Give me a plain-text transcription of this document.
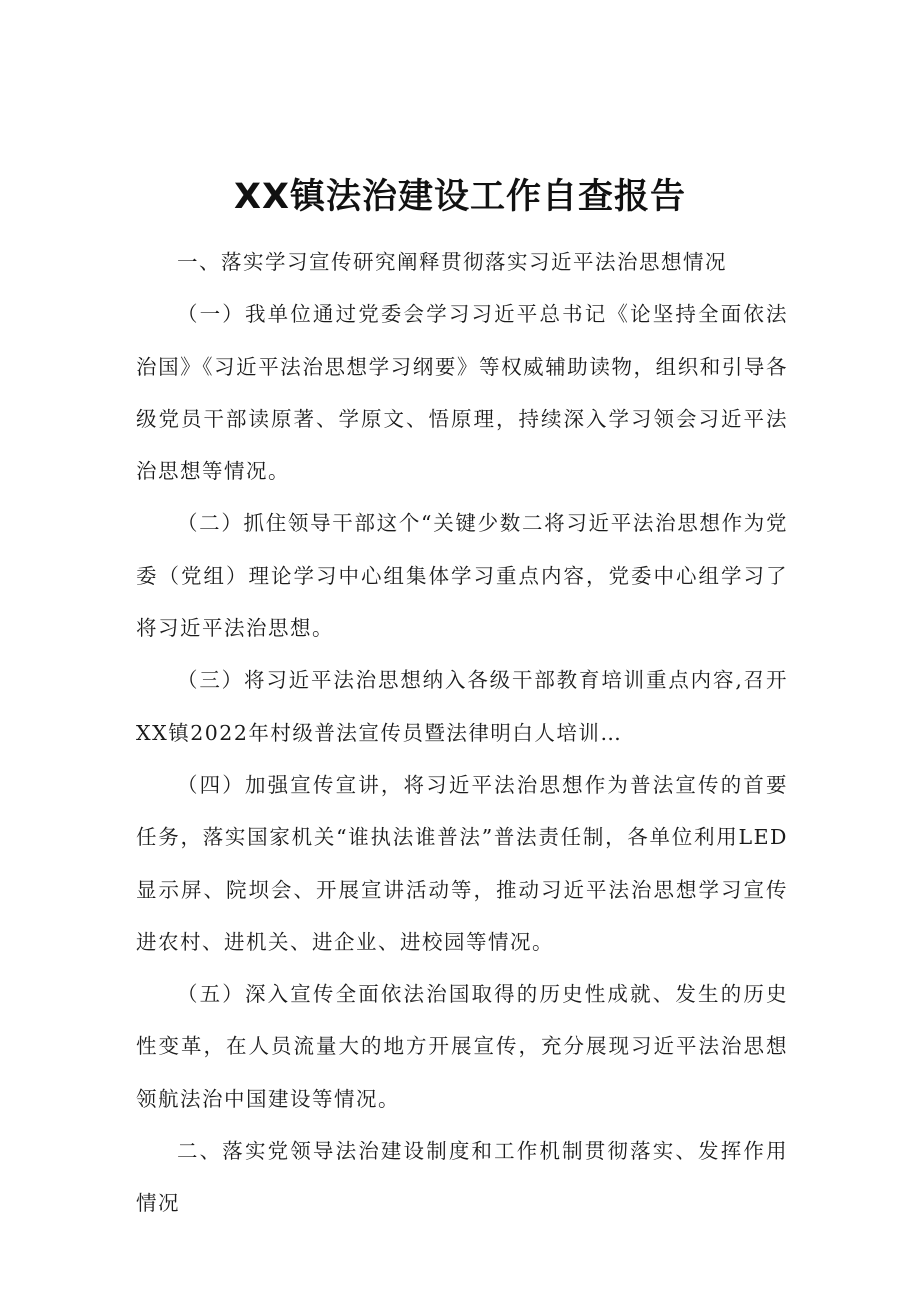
XX镇法治建设工作自查报告

一、落实学习宣传研究阐释贯彻落实习近平法治思想情况

（一）我单位通过党委会学习习近平总书记《论坚持全面依法治国》《习近平法治思想学习纲要》等权威辅助读物，组织和引导各级党员干部读原著、学原文、悟原理，持续深入学习领会习近平法治思想等情况。

（二）抓住领导干部这个“关键少数二将习近平法治思想作为党委（党组）理论学习中心组集体学习重点内容，党委中心组学习了将习近平法治思想。

（三）将习近平法治思想纳入各级干部教育培训重点内容,召开XX镇2022年村级普法宣传员暨法律明白人培训…

（四）加强宣传宣讲，将习近平法治思想作为普法宣传的首要任务，落实国家机关“谁执法谁普法”普法责任制，各单位利用LED显示屏、院坝会、开展宣讲活动等，推动习近平法治思想学习宣传进农村、进机关、进企业、进校园等情况。

（五）深入宣传全面依法治国取得的历史性成就、发生的历史性变革，在人员流量大的地方开展宣传，充分展现习近平法治思想领航法治中国建设等情况。

二、落实党领导法治建设制度和工作机制贯彻落实、发挥作用情况
